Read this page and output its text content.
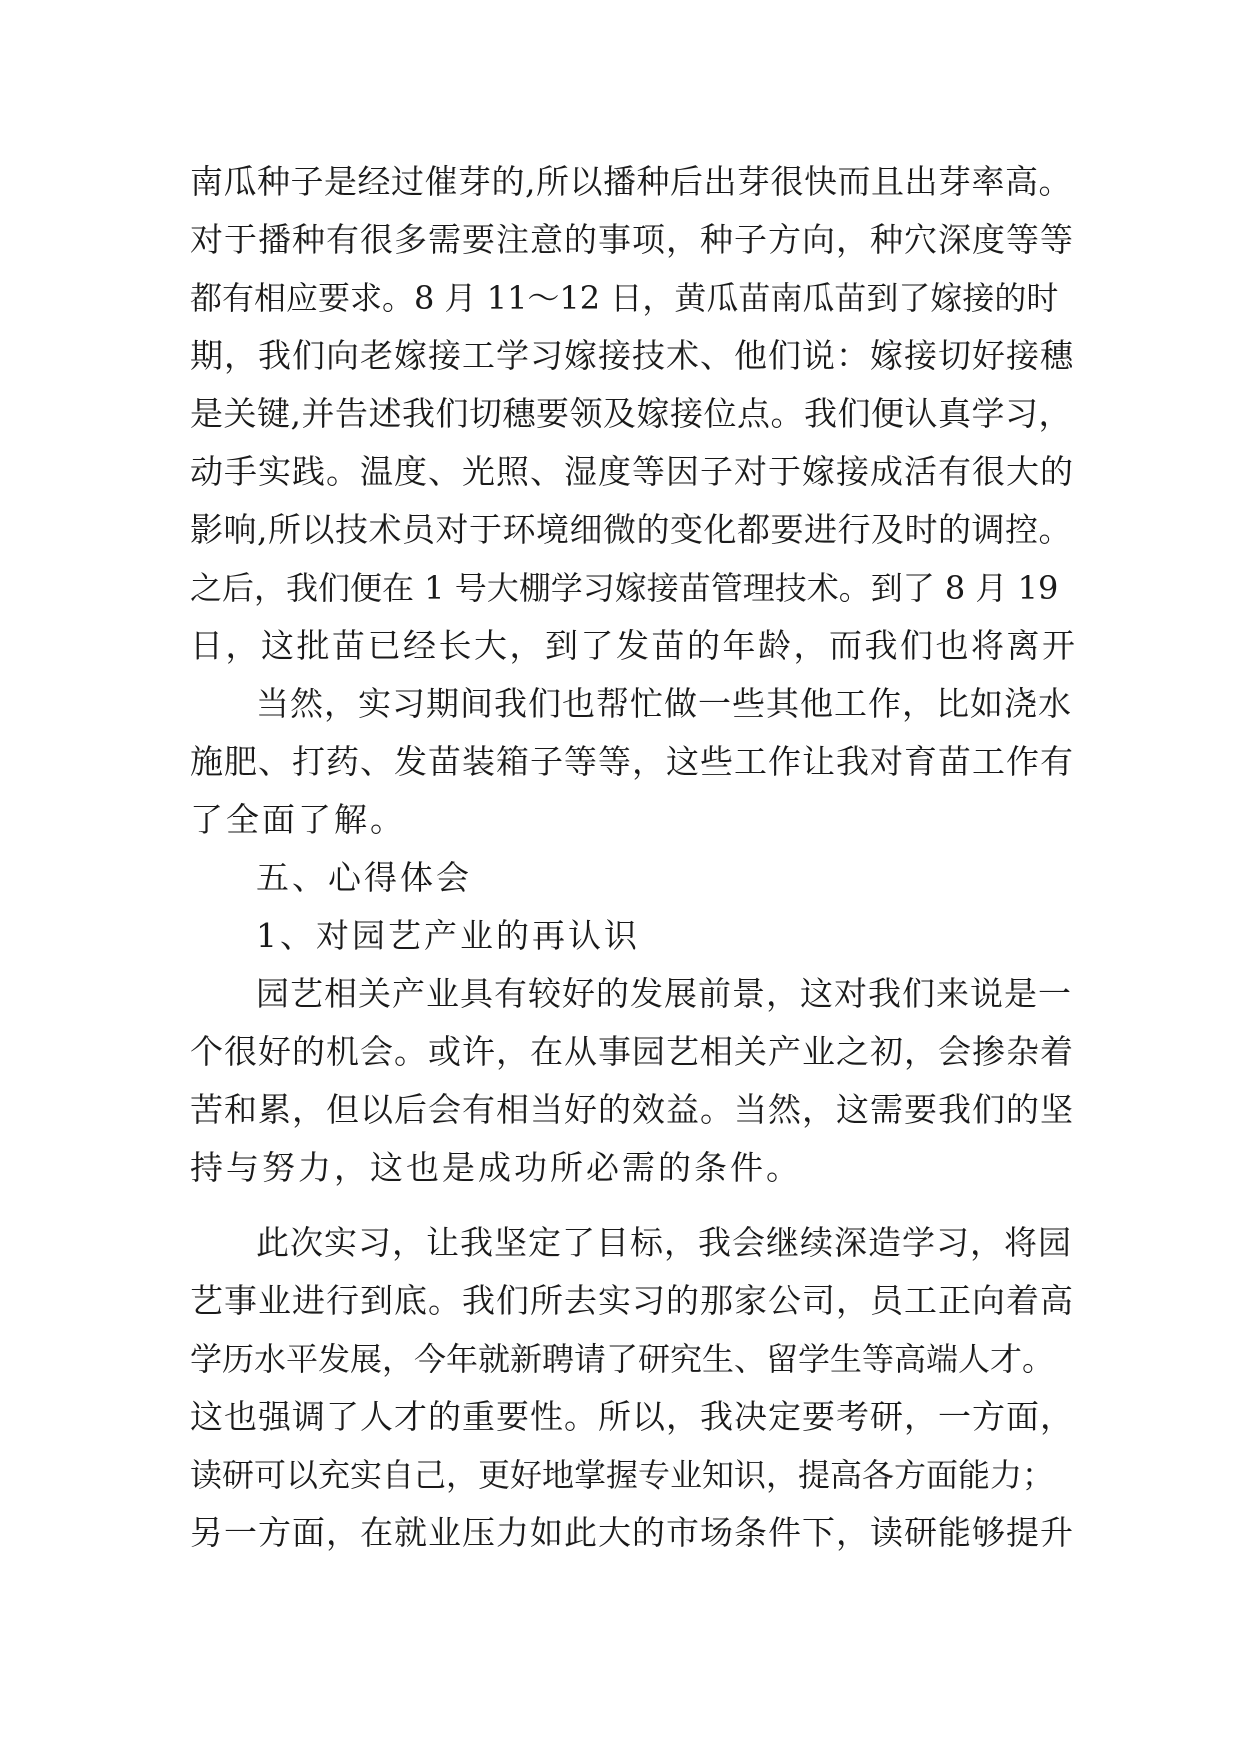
南瓜种子是经过催芽的,所以播种后出芽很快而且出芽率高。
对于播种有很多需要注意的事项，种子方向，种穴深度等等
都有相应要求。8 月 11～12 日，黄瓜苗南瓜苗到了嫁接的时
期，我们向老嫁接工学习嫁接技术、他们说：嫁接切好接穗
是关键,并告述我们切穗要领及嫁接位点。我们便认真学习，
动手实践。温度、光照、湿度等因子对于嫁接成活有很大的
影响,所以技术员对于环境细微的变化都要进行及时的调控。
之后，我们便在 1 号大棚学习嫁接苗管理技术。到了 8 月 19
日，这批苗已经长大，到了发苗的年龄，而我们也将离开
当然，实习期间我们也帮忙做一些其他工作，比如浇水
施肥、打药、发苗装箱子等等，这些工作让我对育苗工作有
了全面了解。
五、心得体会
1、对园艺产业的再认识
园艺相关产业具有较好的发展前景，这对我们来说是一
个很好的机会。或许，在从事园艺相关产业之初，会掺杂着
苦和累，但以后会有相当好的效益。当然，这需要我们的坚
持与努力，这也是成功所必需的条件。
此次实习，让我坚定了目标，我会继续深造学习，将园
艺事业进行到底。我们所去实习的那家公司，员工正向着高
学历水平发展，今年就新聘请了研究生、留学生等高端人才。
这也强调了人才的重要性。所以，我决定要考研，一方面，
读研可以充实自己，更好地掌握专业知识，提高各方面能力；
另一方面，在就业压力如此大的市场条件下，读研能够提升
